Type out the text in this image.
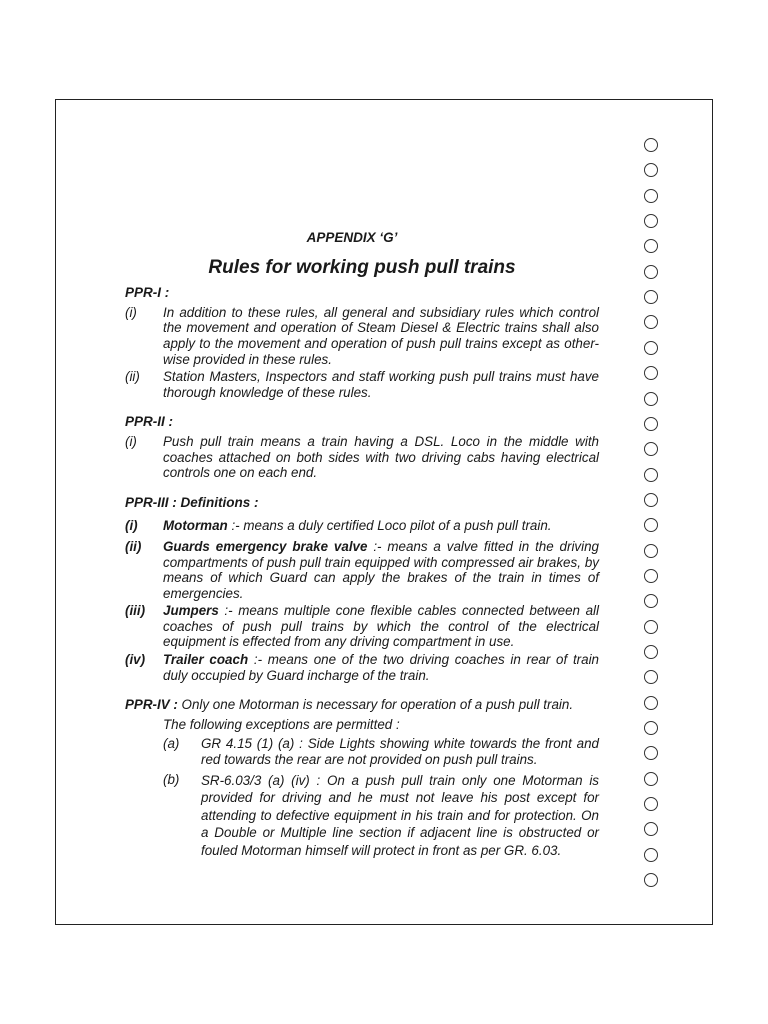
APPENDIX ‘G’
Rules for working push pull trains
PPR-I :
(i)	In addition to these rules, all general and subsidiary rules which control the movement and operation of Steam Diesel & Electric trains shall also apply to the movement and operation of push pull trains except as other-wise provided in these rules.
(ii)	Station Masters, Inspectors and staff working push pull trains must have thorough knowledge of these rules.
PPR-II :
(i)	Push pull train means a train having a DSL. Loco in the middle with coaches attached on both sides with two driving cabs having electrical controls one on each end.
PPR-III : Definitions :
(i)	Motorman :- means a duly certified Loco pilot of a push pull train.
(ii)	Guards emergency brake valve :- means a valve fitted in the driving compartments of push pull train equipped with compressed air brakes, by means of which Guard can apply the brakes of the train in times of emergencies.
(iii)	Jumpers :- means multiple cone flexible cables connected between all coaches of push pull trains by which the control of the electrical equipment is effected from any driving compartment in use.
(iv)	Trailer coach :- means one of the two driving coaches in rear of train duly occupied by Guard incharge of the train.
PPR-IV : Only one Motorman is necessary for operation of a push pull train.
The following exceptions are permitted :
(a)	GR 4.15 (1) (a) : Side Lights showing white towards the front and red towards the rear are not provided on push pull trains.
(b)	SR-6.03/3 (a) (iv) : On a push pull train only one Motorman is provided for driving and he must not leave his post except for attending to defective equipment in his train and for protection. On a Double or Multiple line section if adjacent line is obstructed or fouled Motorman himself will protect in front as per GR. 6.03.
